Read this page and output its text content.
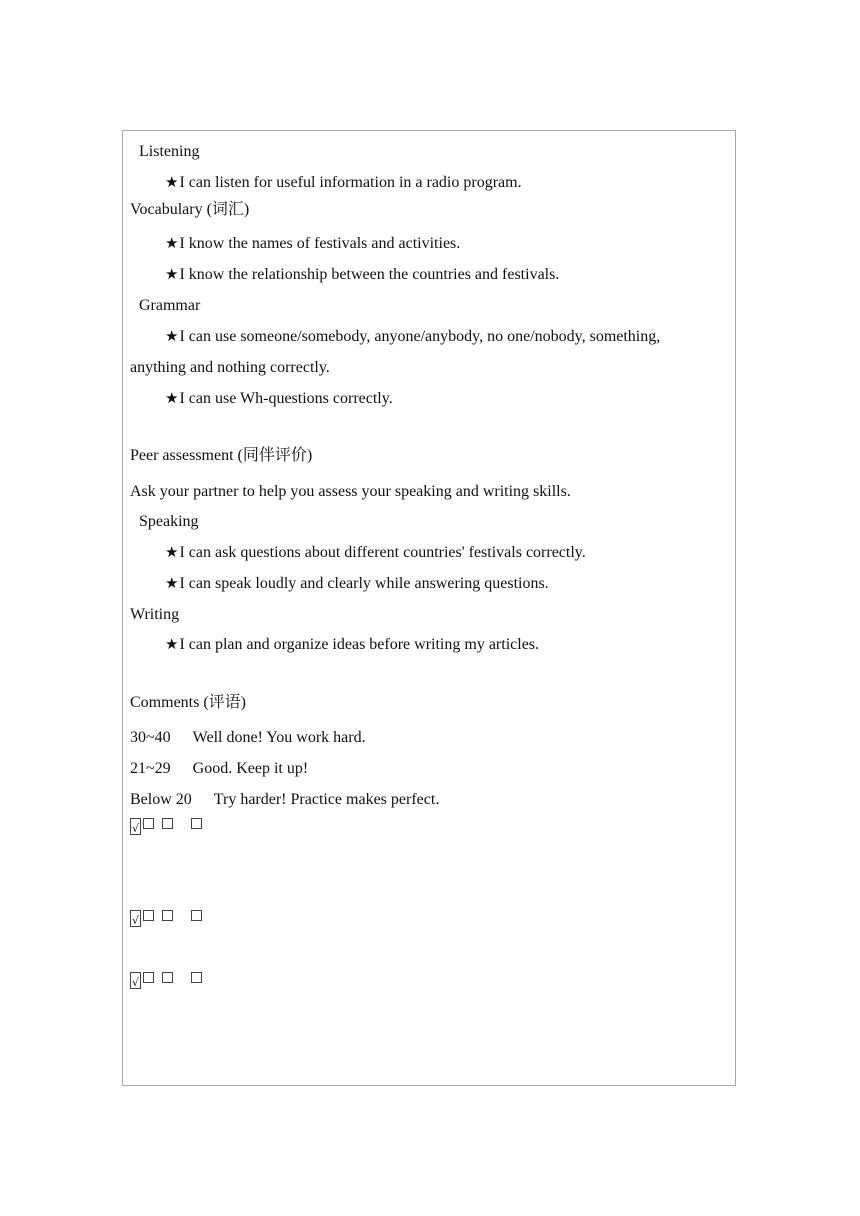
Listening
★I can listen for useful information in a radio program.
Vocabulary (词汇)
★I know the names of festivals and activities.
★I know the relationship between the countries and festivals.
Grammar
★I can use someone/somebody, anyone/anybody, no one/nobody, something,
anything and nothing correctly.
★I can use Wh-questions correctly.
Peer assessment (同伴评价)
Ask your partner to help you assess your speaking and writing skills.
Speaking
★I can ask questions about different countries' festivals correctly.
★I can speak loudly and clearly while answering questions.
Writing
★I can plan and organize ideas before writing my articles.
Comments (评语)
30~40 Well done! You work hard.
21~29 Good. Keep it up!
Below 20 Try harder! Practice makes perfect.
√
√
√
